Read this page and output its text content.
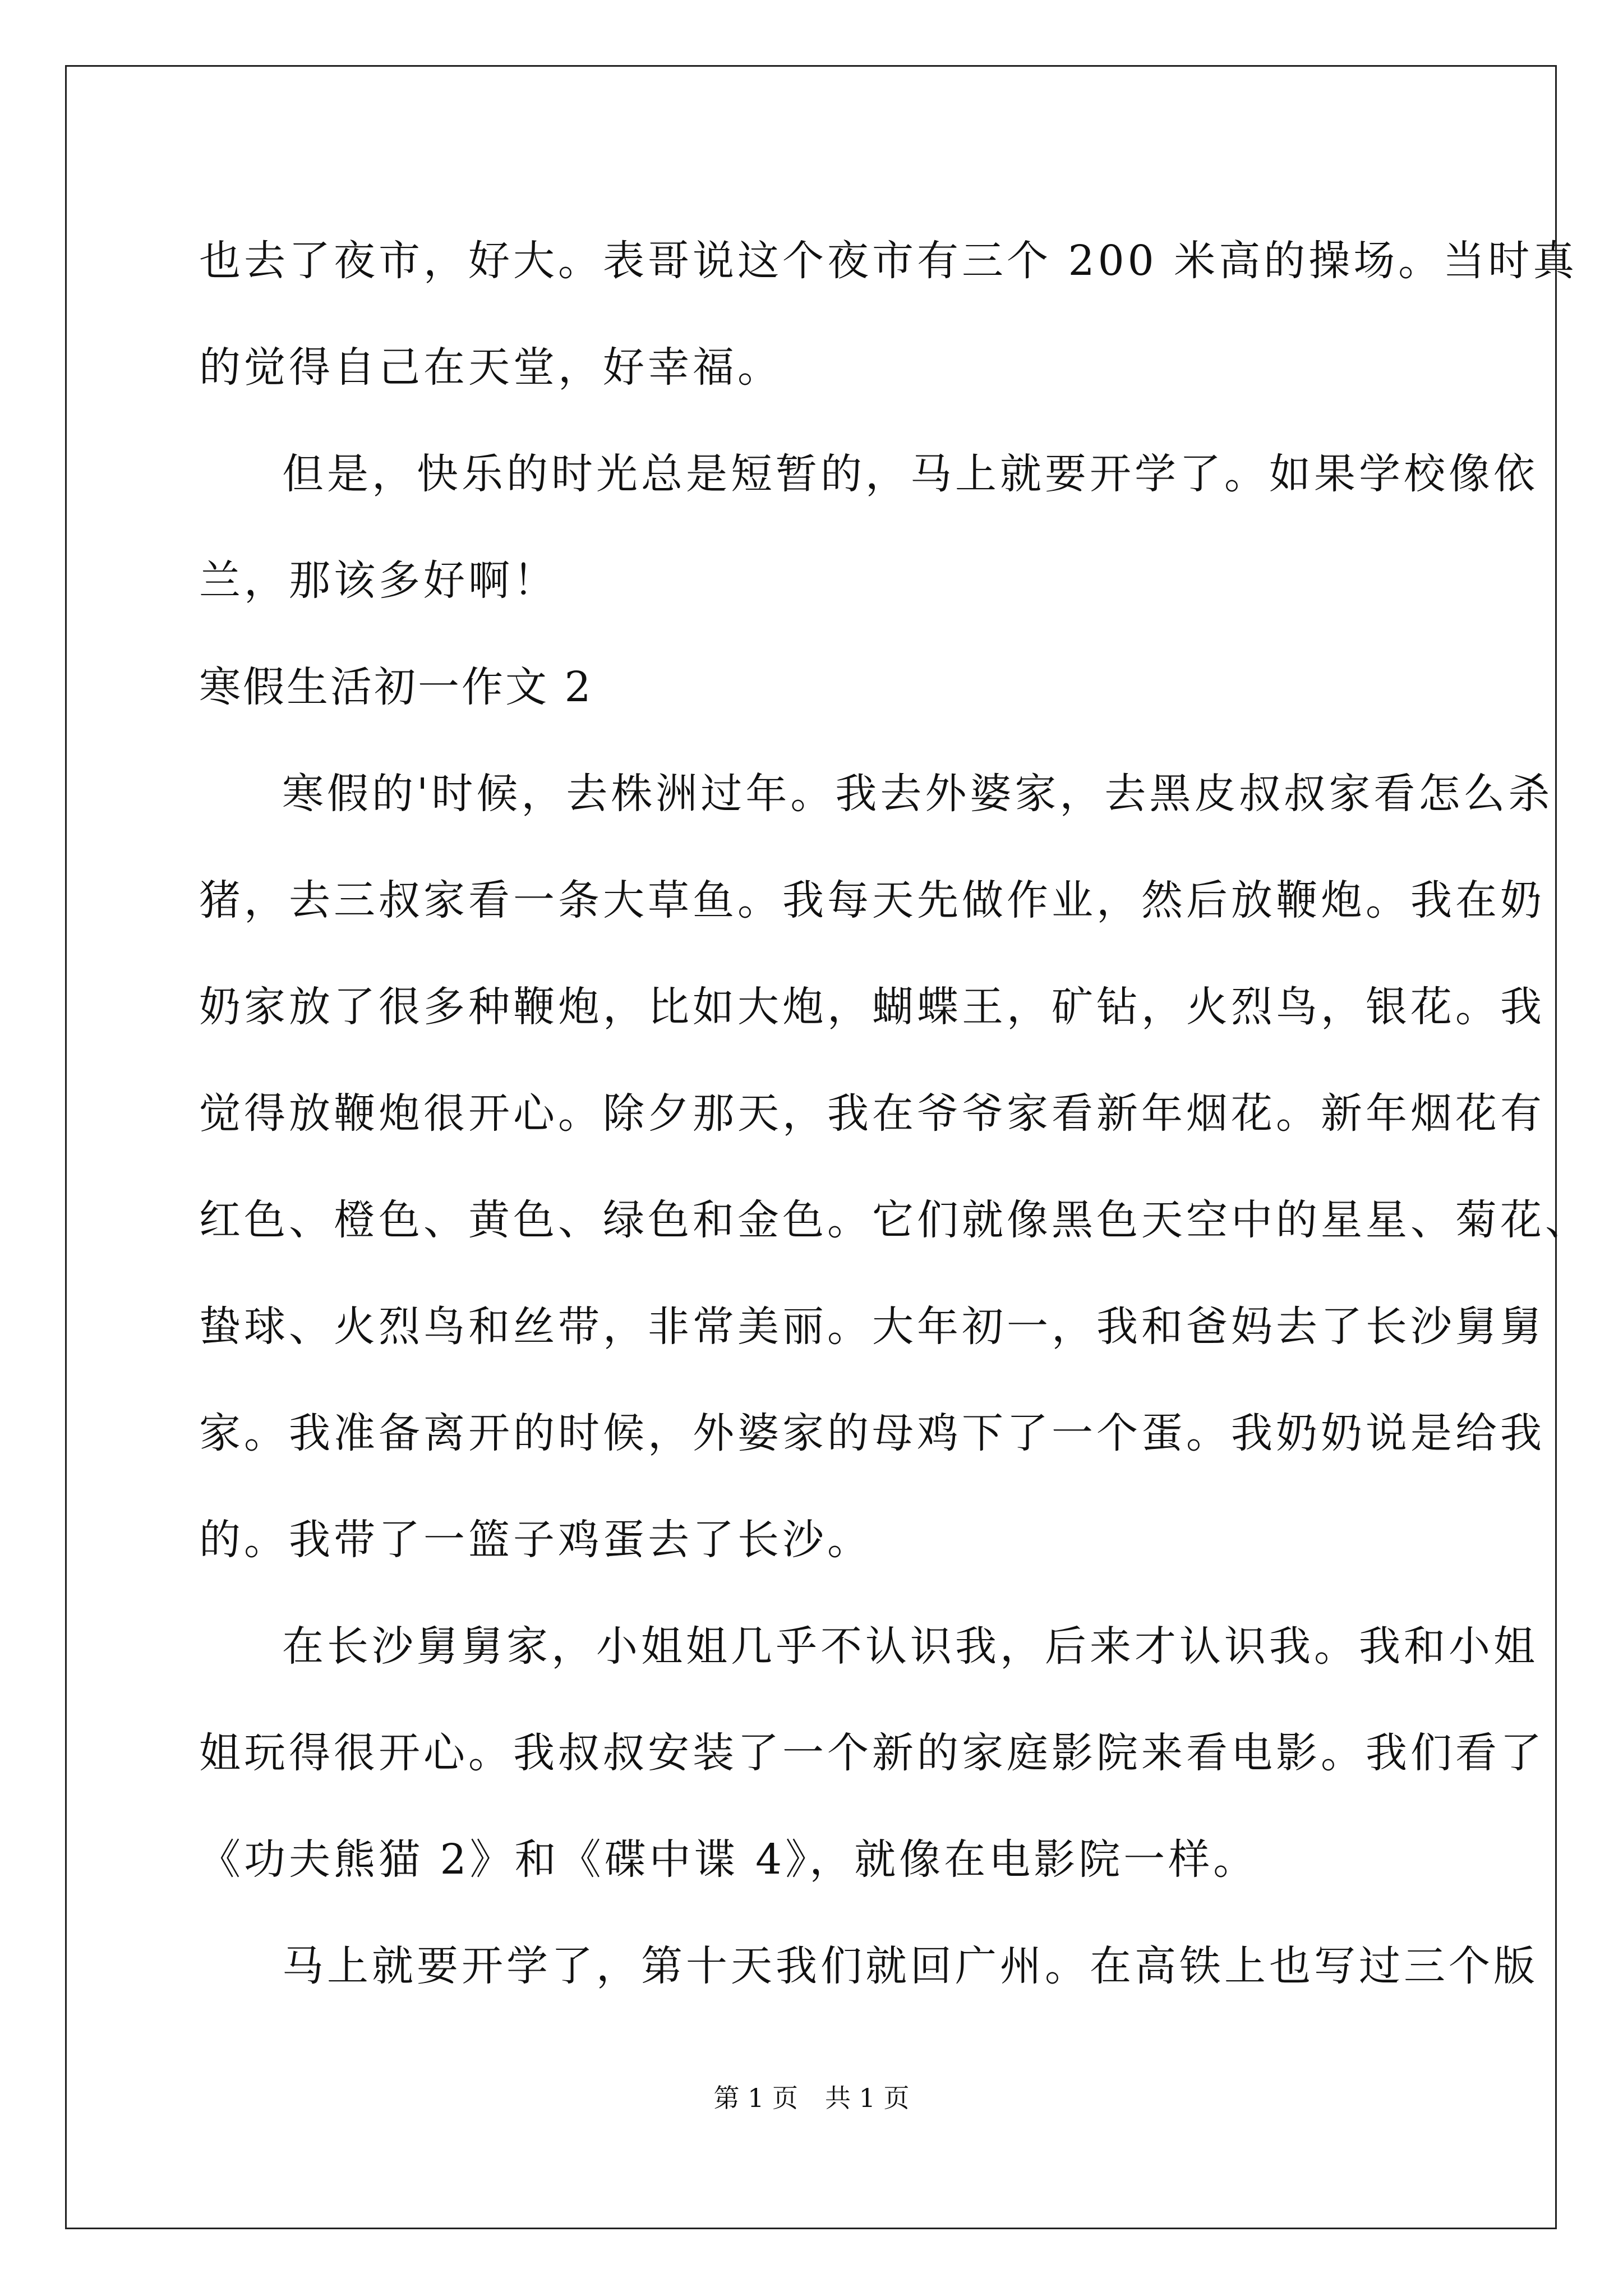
也去了夜市，好大。表哥说这个夜市有三个 200 米高的操场。当时真
的觉得自己在天堂，好幸福。
但是，快乐的时光总是短暂的，马上就要开学了。如果学校像依
兰，那该多好啊！
寒假生活初一作文 2
寒假的'时候，去株洲过年。我去外婆家，去黑皮叔叔家看怎么杀
猪，去三叔家看一条大草鱼。我每天先做作业，然后放鞭炮。我在奶
奶家放了很多种鞭炮，比如大炮，蝴蝶王，矿钻，火烈鸟，银花。我
觉得放鞭炮很开心。除夕那天，我在爷爷家看新年烟花。新年烟花有
红色、橙色、黄色、绿色和金色。它们就像黑色天空中的星星、菊花、
蛰球、火烈鸟和丝带，非常美丽。大年初一，我和爸妈去了长沙舅舅
家。我准备离开的时候，外婆家的母鸡下了一个蛋。我奶奶说是给我
的。我带了一篮子鸡蛋去了长沙。
在长沙舅舅家，小姐姐几乎不认识我，后来才认识我。我和小姐
姐玩得很开心。我叔叔安装了一个新的家庭影院来看电影。我们看了
《功夫熊猫 2》和《碟中谍 4》，就像在电影院一样。
马上就要开学了，第十天我们就回广州。在高铁上也写过三个版
第 1 页 共 1 页
